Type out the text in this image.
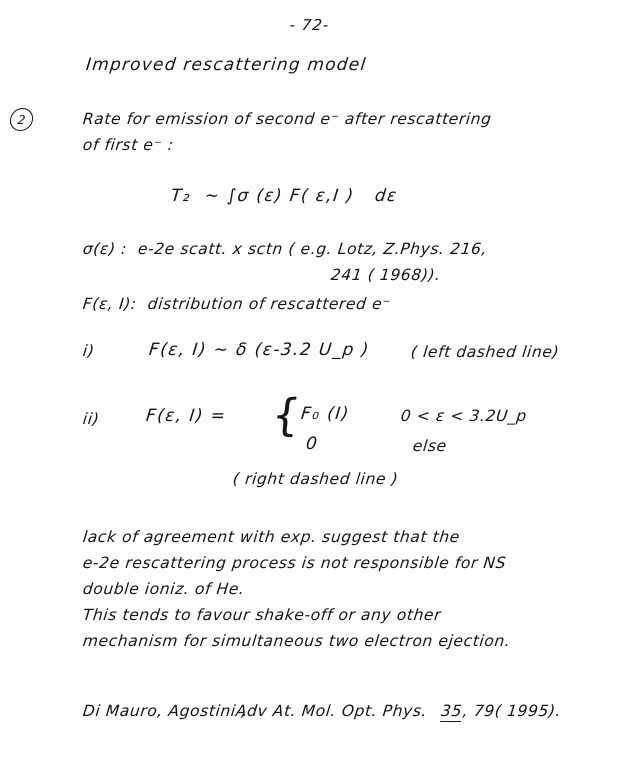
- 72-
Improved rescattering model
2	Rate for emission of second e⁻ after rescattering
of first e⁻ :
T₂  ~ ∫σ (ε) F( ε,I )   dε
σ(ε) :  e-2e scatt. x sctn ( e.g. Lotz, Z.Phys. 216,
241 ( 1968)).
F(ε, I):  distribution of rescattered e⁻
i)	F(ε, I) ~ δ (ε-3.2 U_p )	( left dashed line)
ii)	F(ε, I) = {
F₀ (I)	0 < ε < 3.2U_p
0	else
( right dashed line )
lack of agreement with exp. suggest that the
e-2e rescattering process is not responsible for NS
double ioniz. of He.
This tends to favour shake-off or any other
mechanism for simultaneous two electron ejection.
Di Mauro, Agostini ,
Adv At. Mol. Opt. Phys. 35
, 79( 1995).
